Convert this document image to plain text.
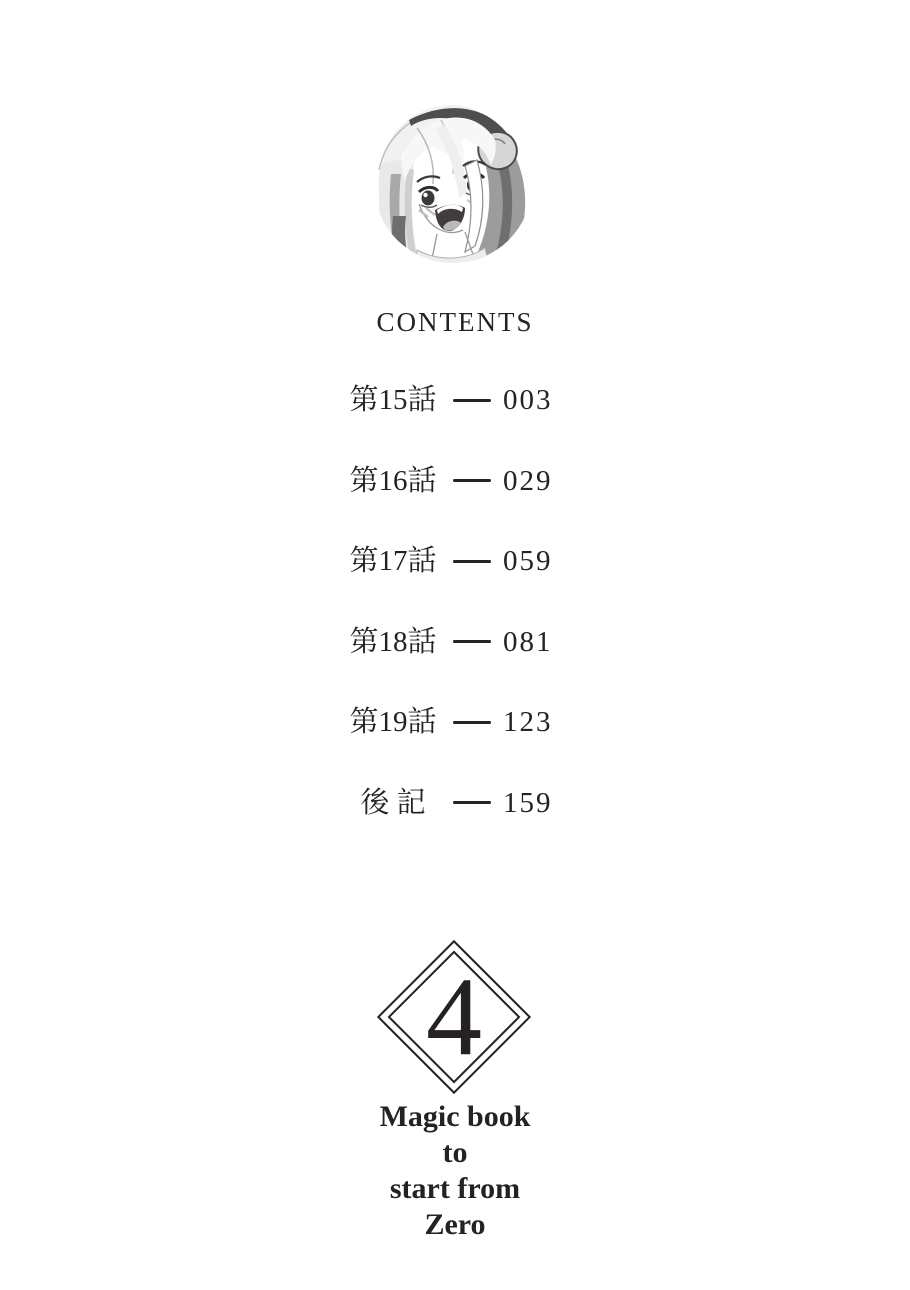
CONTENTS
第15話 003
第16話 029
第17話 059
第18話 081
第19話 123
後 記	159
4
Magic book
to
start from
Zero
